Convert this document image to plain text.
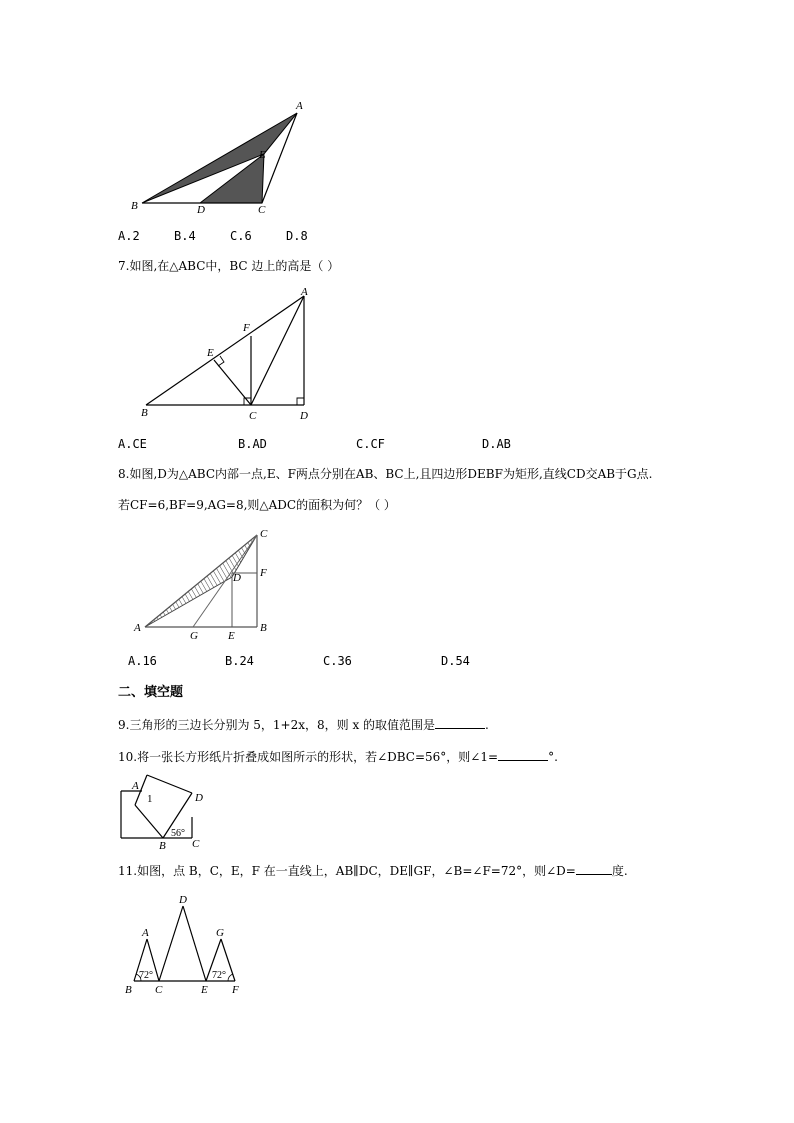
A
B	C
D
E
A.2	B.4	C.6	D.8
7.如图,在△ABC中，BC 边上的高是（ ）
A
B	C	D
E
F
A.CE	B.AD	C.CF	D.AB
8.如图,D为△ABC内部一点,E、F两点分别在AB、BC上,且四边形DEBF为矩形,直线CD交AB于G点.
若CF=6,BF=9,AG=8,则△ADC的面积为何？（ ）
A	B
C
D
E
F
G
A.16	B.24	C.36	D.54
二、填空题
9.三角形的三边长分别为 5，1+2x，8，则 x 的取值范围是	.
10.将一张长方形纸片折叠成如图所示的形状，若∠DBC=56°，则∠1=	°.
A
B C
D
1
56°
11.如图，点 B，C，E，F 在一直线上，AB∥DC，DE∥GF，∠B=∠F=72°，则∠D=	度.
A
B C
D
E F
G
72°	72°
